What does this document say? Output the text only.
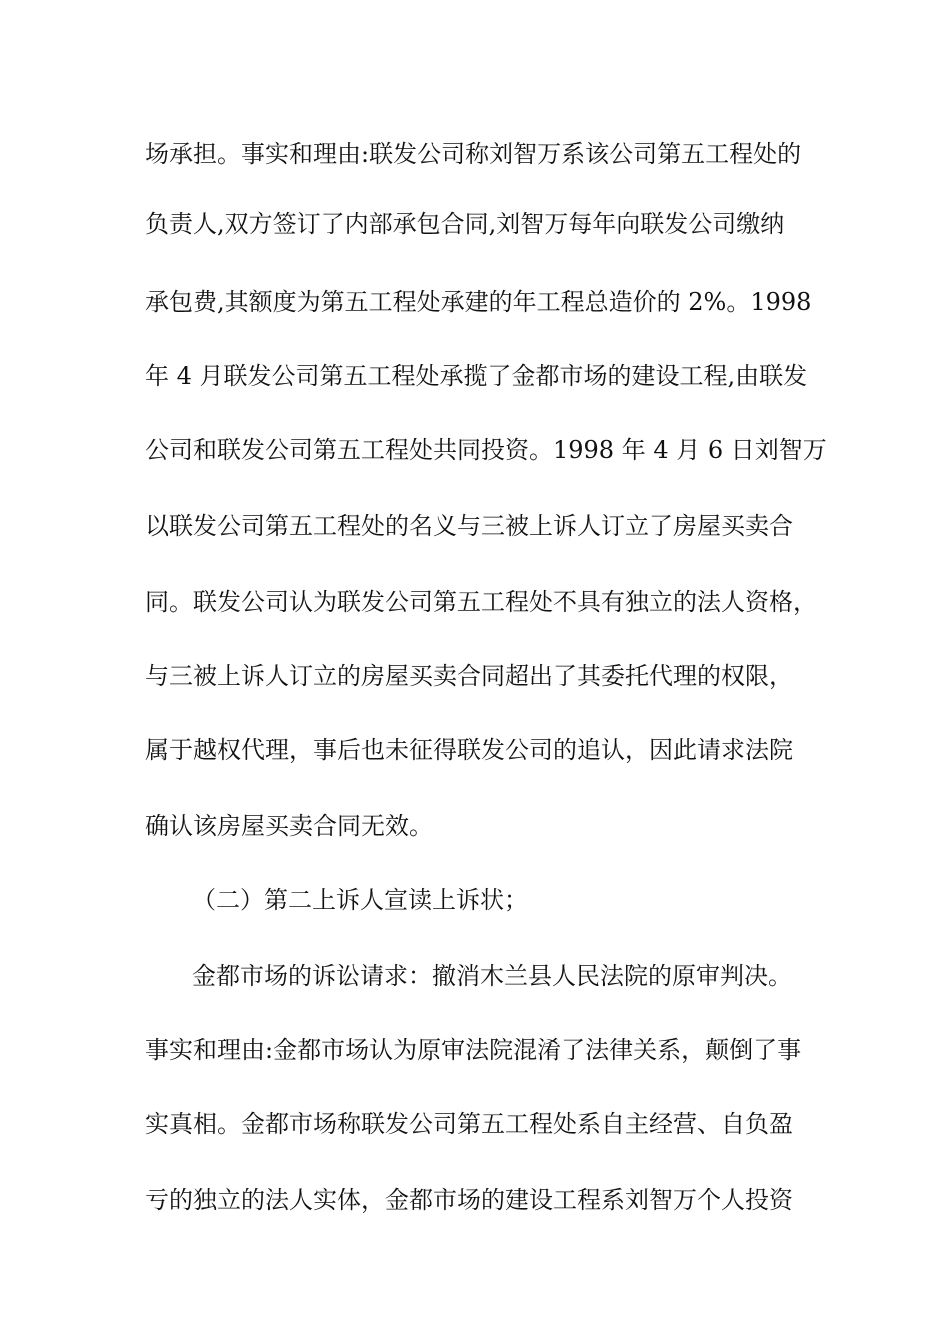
场承担。事实和理由:联发公司称刘智万系该公司第五工程处的
负责人,双方签订了内部承包合同,刘智万每年向联发公司缴纳
承包费,其额度为第五工程处承建的年工程总造价的 2%。1998
年 4 月联发公司第五工程处承揽了金都市场的建设工程,由联发
公司和联发公司第五工程处共同投资。1998 年 4 月 6 日刘智万
以联发公司第五工程处的名义与三被上诉人订立了房屋买卖合
同。联发公司认为联发公司第五工程处不具有独立的法人资格，
与三被上诉人订立的房屋买卖合同超出了其委托代理的权限，
属于越权代理，事后也未征得联发公司的追认，因此请求法院
确认该房屋买卖合同无效。
（二）第二上诉人宣读上诉状；
金都市场的诉讼请求：撤消木兰县人民法院的原审判决。
事实和理由:金都市场认为原审法院混淆了法律关系，颠倒了事
实真相。金都市场称联发公司第五工程处系自主经营、自负盈
亏的独立的法人实体，金都市场的建设工程系刘智万个人投资
